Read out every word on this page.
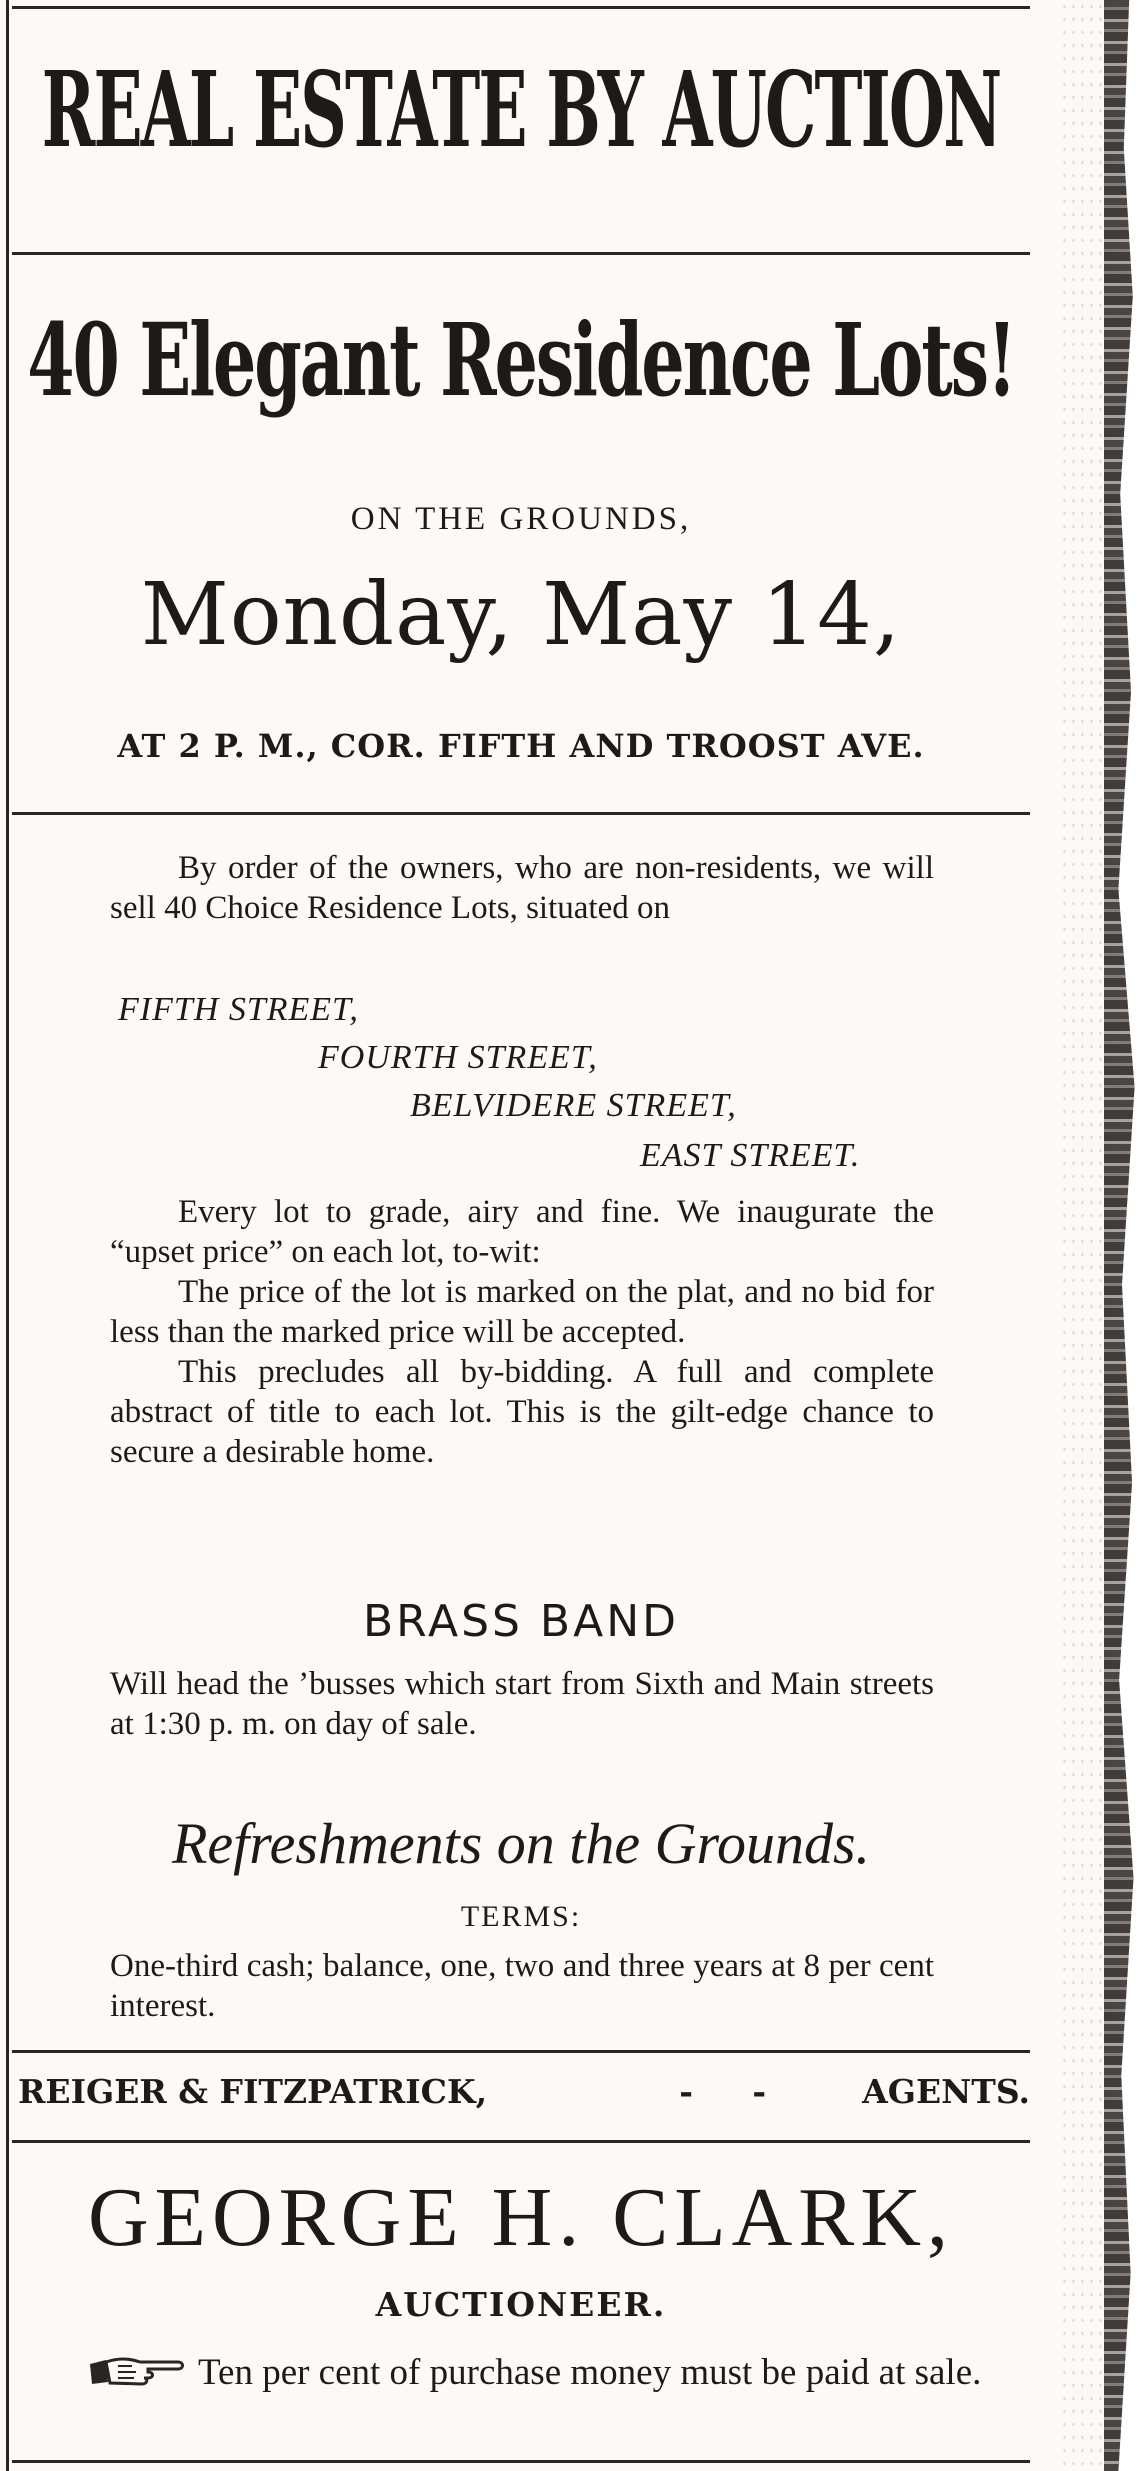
REAL ESTATE BY AUCTION
40 Elegant Residence Lots!
ON THE GROUNDS,
Monday, May 14,
AT 2 P. M., COR. FIFTH AND TROOST AVE.

By order of the owners, who are non-residents, we will sell 40 Choice Residence Lots, situated on

FIFTH STREET,
FOURTH STREET,
BELVIDERE STREET,
EAST STREET.

Every lot to grade, airy and fine. We inaugurate the “upset price” on each lot, to-wit:

The price of the lot is marked on the plat, and no bid for less than the marked price will be accepted.

This precludes all by-bidding. A full and complete abstract of title to each lot. This is the gilt-edge chance to secure a desirable home.

BRASS BAND

Will head the ’busses which start from Sixth and Main streets at 1:30 p. m. on day of sale.

Refreshments on the Grounds.
TERMS:

One-third cash; balance, one, two and three years at 8 per cent interest.

REIGER & FITZPATRICK,	- - AGENTS.
GEORGE H. CLARK,
AUCTIONEER.
Ten per cent of purchase money must be paid at sale.
